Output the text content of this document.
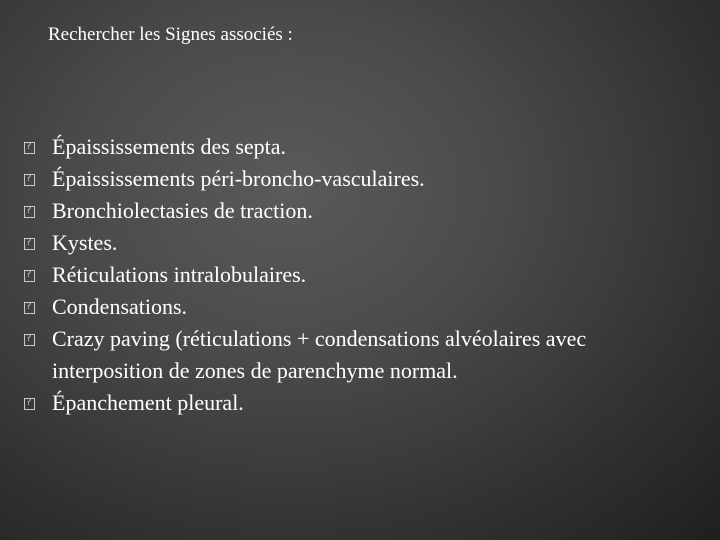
Rechercher les Signes associés :
?
Épaississements des septa.
?
Épaississements péri-broncho-vasculaires.
?
Bronchiolectasies de traction.
?
Kystes.
?
Réticulations intralobulaires.
?
Condensations.
?
Crazy paving (réticulations + condensations alvéolaires avec interposition de zones de parenchyme normal.
?
Épanchement pleural.
